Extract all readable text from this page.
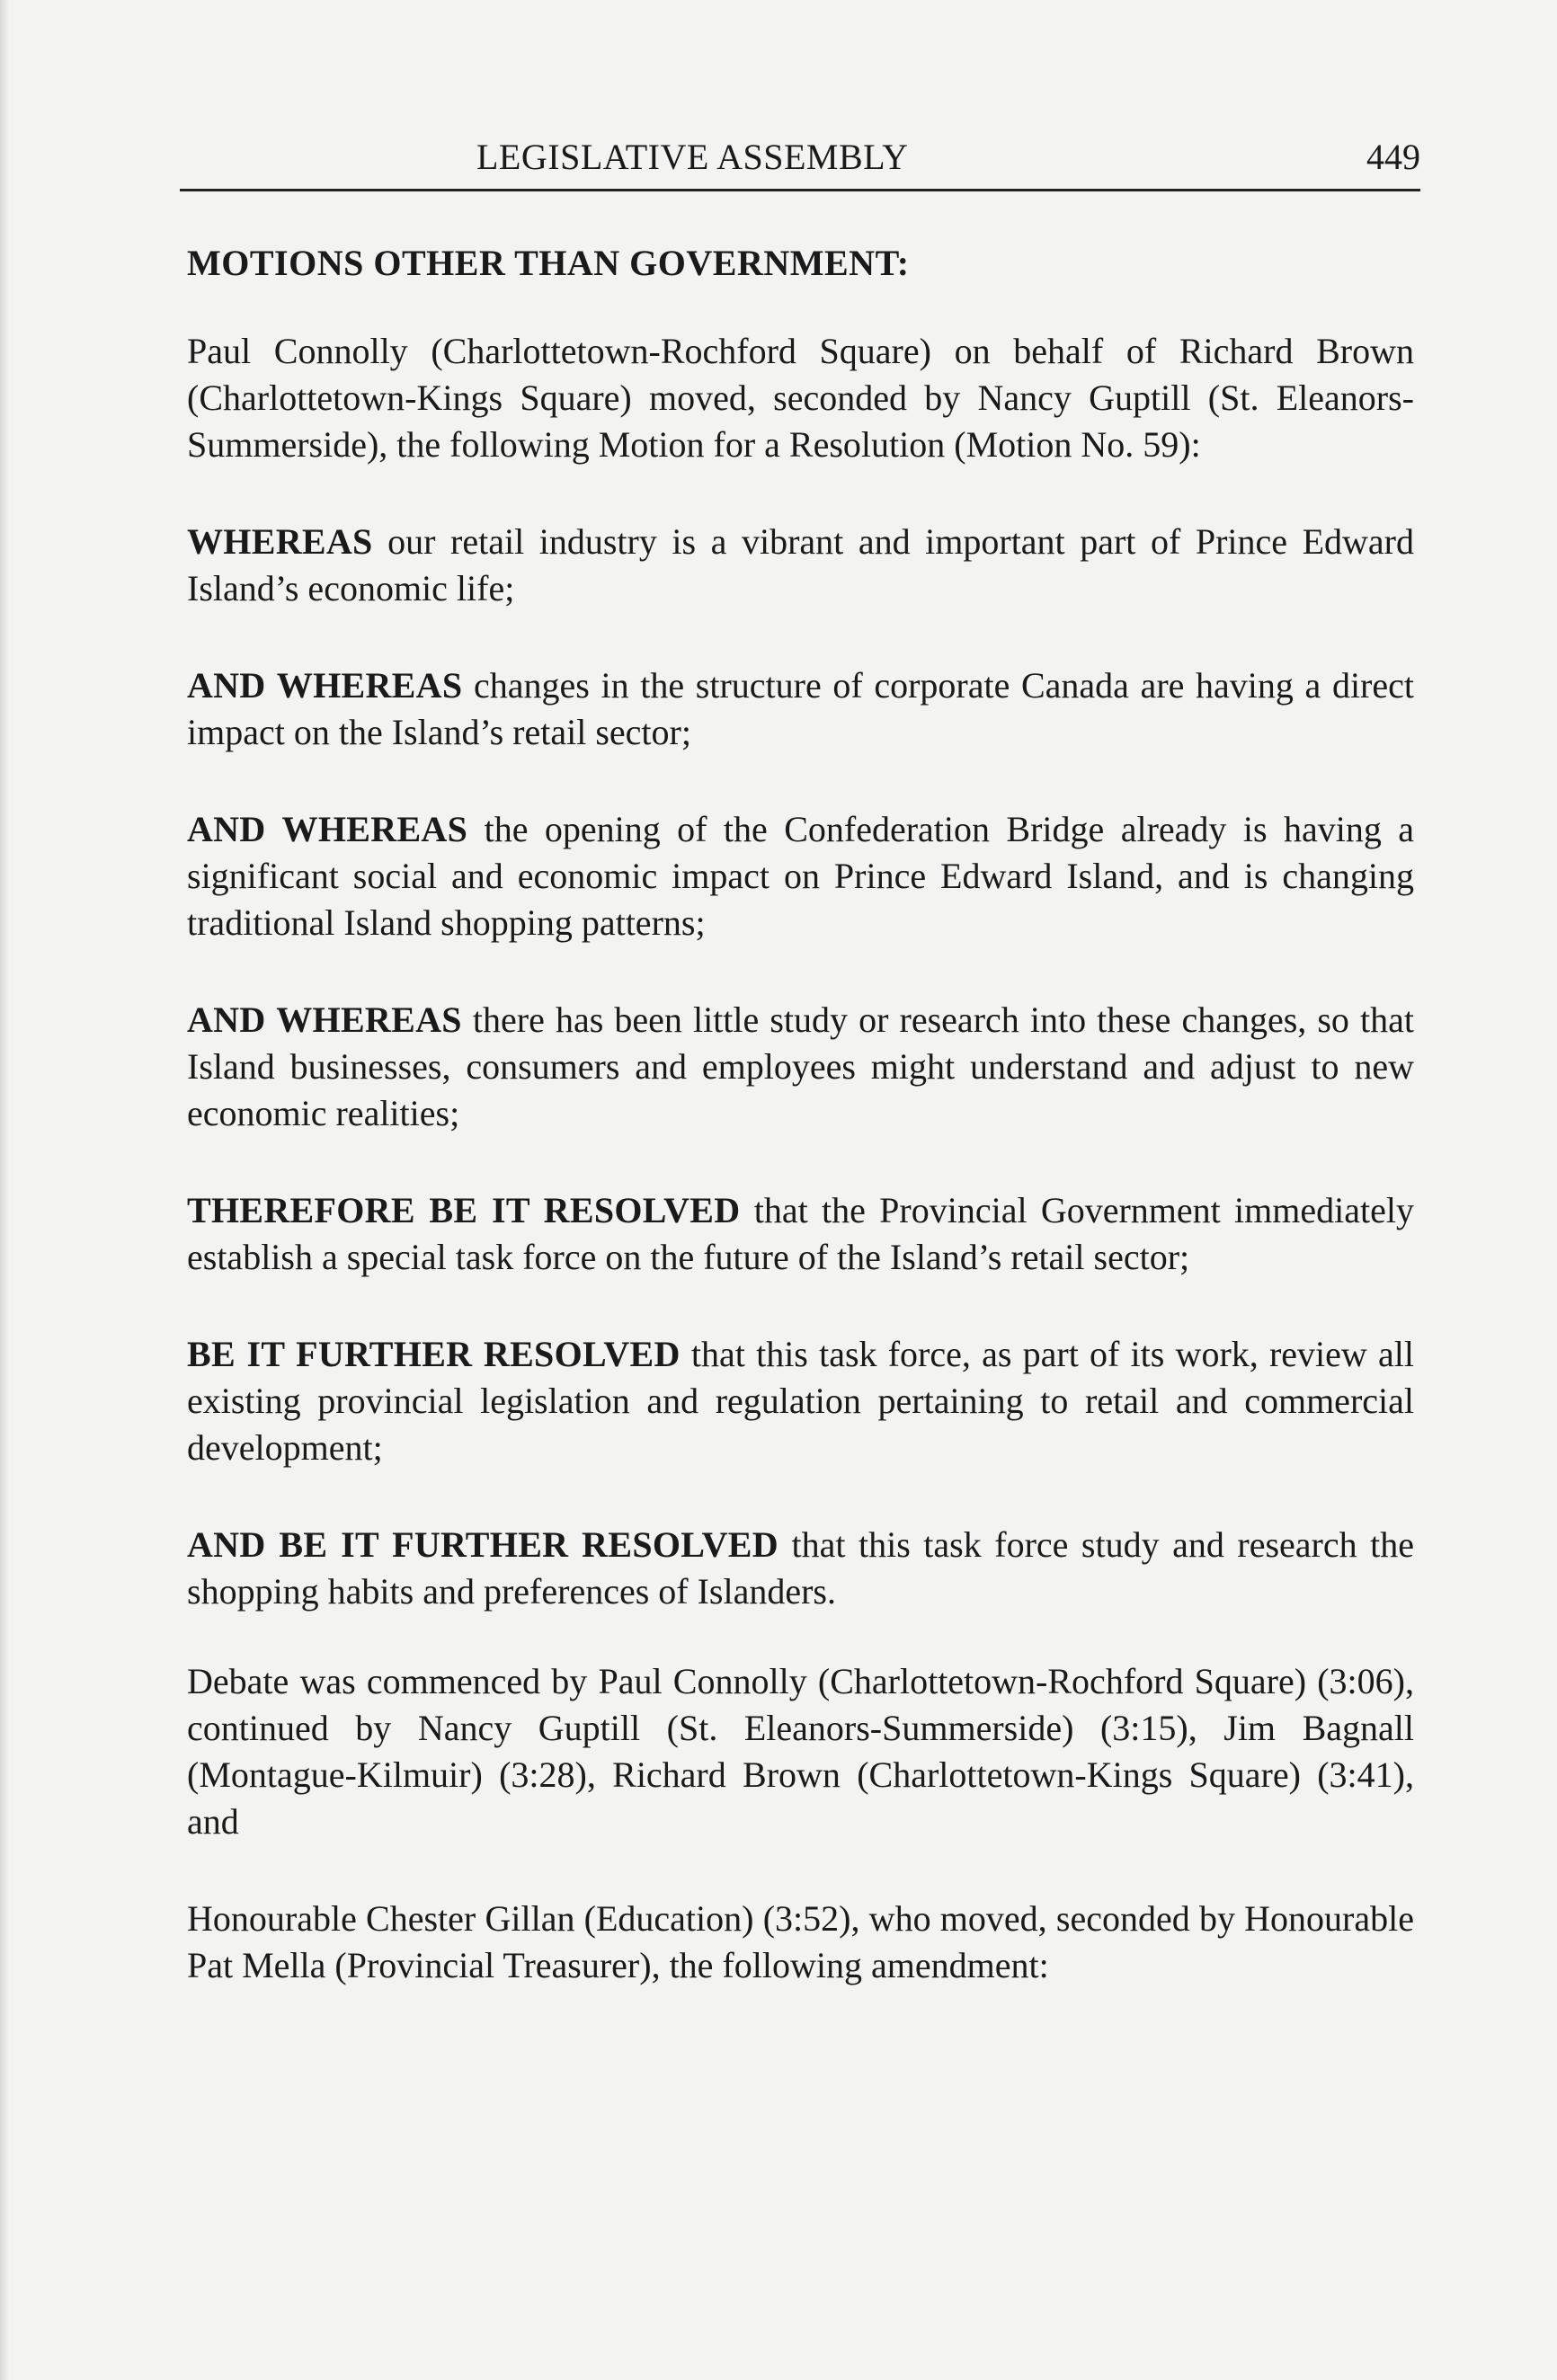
LEGISLATIVE ASSEMBLY	449
MOTIONS OTHER THAN GOVERNMENT:

Paul Connolly (Charlottetown-Rochford Square) on behalf of Richard Brown (Charlottetown-Kings Square) moved, seconded by Nancy Guptill (St. Eleanors-Summerside), the following Motion for a Resolution (Motion No. 59):

WHEREAS our retail industry is a vibrant and important part of Prince Edward Island’s economic life;

AND WHEREAS changes in the structure of corporate Canada are having a direct impact on the Island’s retail sector;

AND WHEREAS the opening of the Confederation Bridge already is having a significant social and economic impact on Prince Edward Island, and is changing traditional Island shopping patterns;

AND WHEREAS there has been little study or research into these changes, so that Island businesses, consumers and employees might understand and adjust to new economic realities;

THEREFORE BE IT RESOLVED that the Provincial Government immediately establish a special task force on the future of the Island’s retail sector;

BE IT FURTHER RESOLVED that this task force, as part of its work, review all existing provincial legislation and regulation pertaining to retail and commercial development;

AND BE IT FURTHER RESOLVED that this task force study and research the shopping habits and preferences of Islanders.

Debate was commenced by Paul Connolly (Charlottetown-Rochford Square) (3:06), continued by Nancy Guptill (St. Eleanors-Summerside) (3:15), Jim Bagnall (Montague-Kilmuir) (3:28), Richard Brown (Charlottetown-Kings Square) (3:41), and

Honourable Chester Gillan (Education) (3:52), who moved, seconded by Honourable Pat Mella (Provincial Treasurer), the following amendment:
